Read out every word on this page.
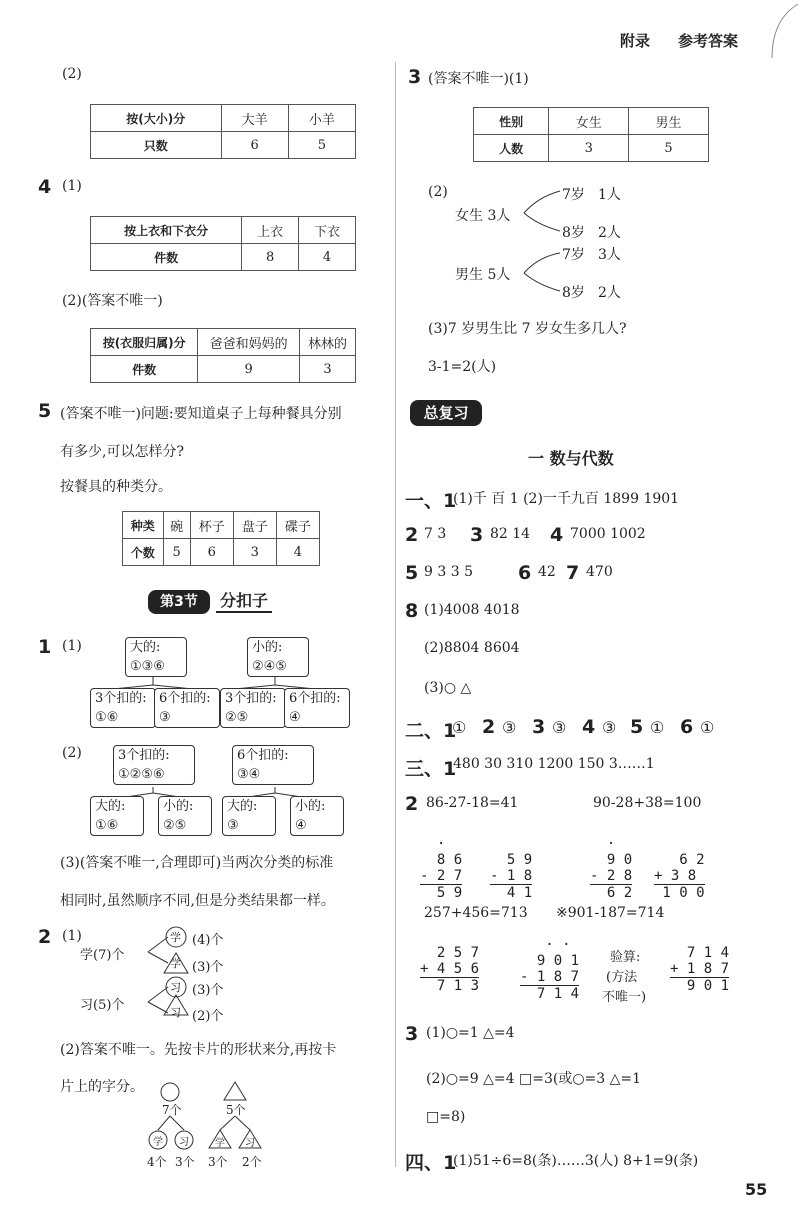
附录 参考答案
(2)
按(大小)分	大羊	小羊
只数	6	5
4 (1)
按上衣和下衣分	上衣	下衣
件数	8	4
(2)(答案不唯一)
按(衣服归属)分	爸爸和妈妈的	林林的
件数	9	3
5 (答案不唯一)问题:要知道桌子上每种餐具分别
有多少,可以怎样分?
按餐具的种类分。
种类	碗	杯子	盘子	碟子
个数	5	6	3	4
第3节	分扣子
1 (1)	大的:
①③⑥
小的:
②④⑤
3个扣的:
①⑥
6个扣的:
③
3个扣的:
②⑤
6个扣的:
④
(2)	3个扣的:
①②⑤⑥
6个扣的:
③④
大的:
①⑥
小的:
②⑤
大的:
③
小的:
④
(3)(答案不唯一,合理即可)当两次分类的标准
相同时,虽然顺序不同,但是分类结果都一样。
2 (1)
学(7)个
习(5)个
学
学
习
习
(4)个
(3)个
(3)个
(2)个
(2)答案不唯一。先按卡片的形状来分,再按卡
片上的字分。
7个	5个
学 习	学 习
4个 3个 3个 2个
3 (答案不唯一)(1)
性别	女生	男生
人数	3	5
(2)
女生 3人
男生 5人
7岁 1人
8岁 2人
7岁 3人
8岁 2人
(3)7 岁男生比 7 岁女生多几人?
3-1=2(人)
总复习
一 数与代数
一、1
(1)千 百 1 (2)一千九百 1899 1901
2 7 3 3 82 14 4 7000 1002
5 9 3 3 5 6 42 7 470
8 (1)4008 4018
(2)8804 8604
(3)○ △
二、1
① 2 ③ 3 ③ 4 ③ 5 ① 6 ①
三、1
480 30 310 1200 150 3……1
2 86-27-18=41	90-28+38=100
·
8 6
- 2 7
5 9

5 9
- 1 8
4 1
·
9 0
- 2 8
6 2

6 2
+ 3 8
1 0 0
257+456=713 ※901-187=714
2 5 7
+ 4 5 6
7 1 3
· ·
9 0 1
- 1 8 7
7 1 4
验算:
(方法
不唯一)
7 1 4
+ 1 8 7
9 0 1
3 (1)○=1 △=4
(2)○=9 △=4 □=3(或○=3 △=1
□=8)
四、1
(1)51÷6=8(条)……3(人) 8+1=9(条)
55
